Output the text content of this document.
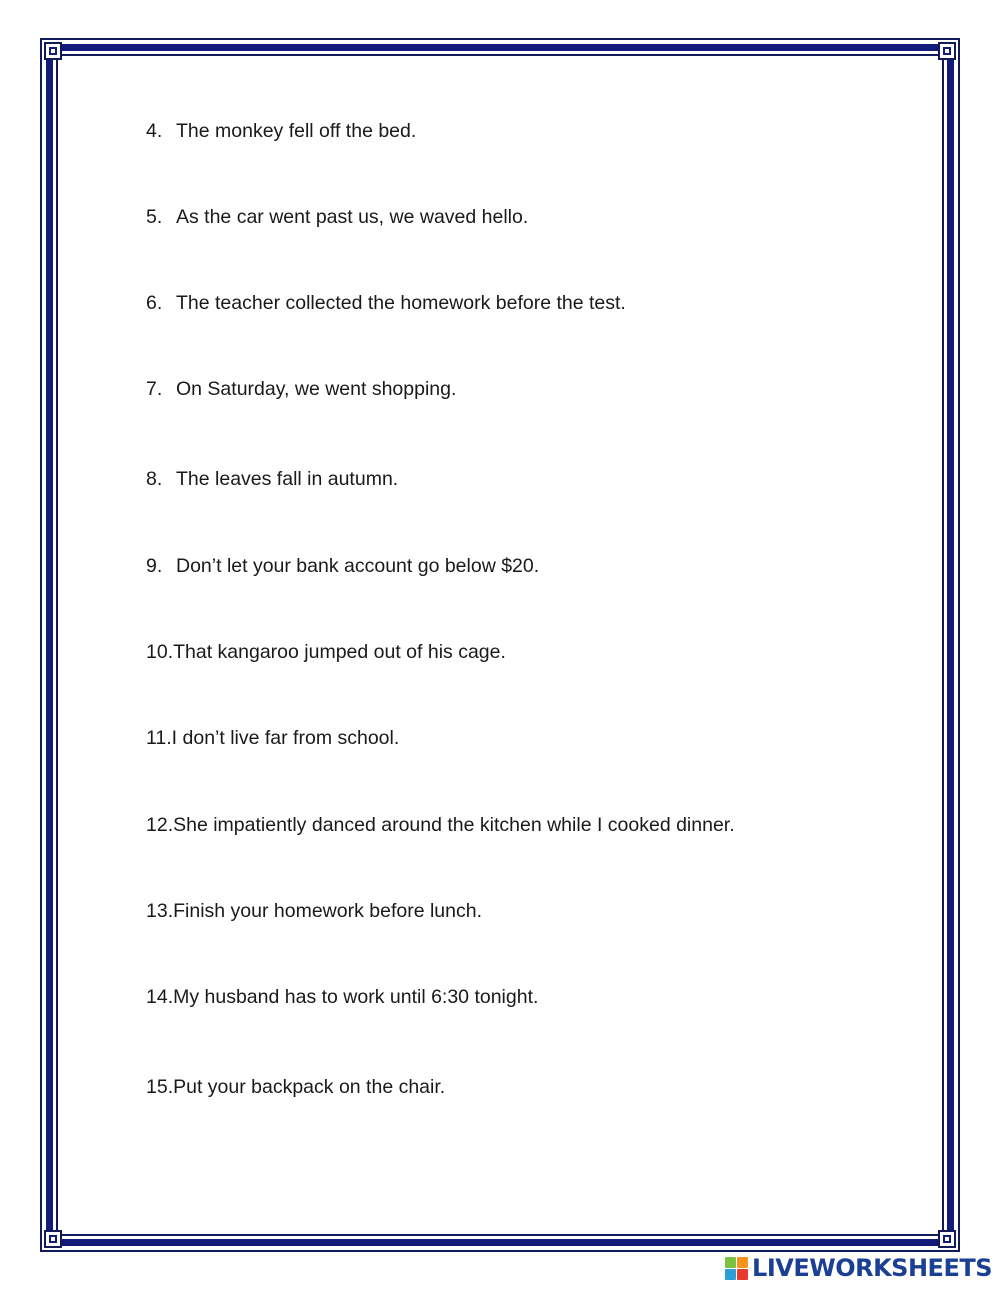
4. The monkey fell off the bed.
5. As the car went past us, we waved hello.
6. The teacher collected the homework before the test.
7. On Saturday, we went shopping.
8. The leaves fall in autumn.
9. Don’t let your bank account go below $20.
10. That kangaroo jumped out of his cage.
11. I don’t live far from school.
12. She impatiently danced around the kitchen while I cooked dinner.
13. Finish your homework before lunch.
14. My husband has to work until 6:30 tonight.
15. Put your backpack on the chair.
LIVEWORKSHEETS
